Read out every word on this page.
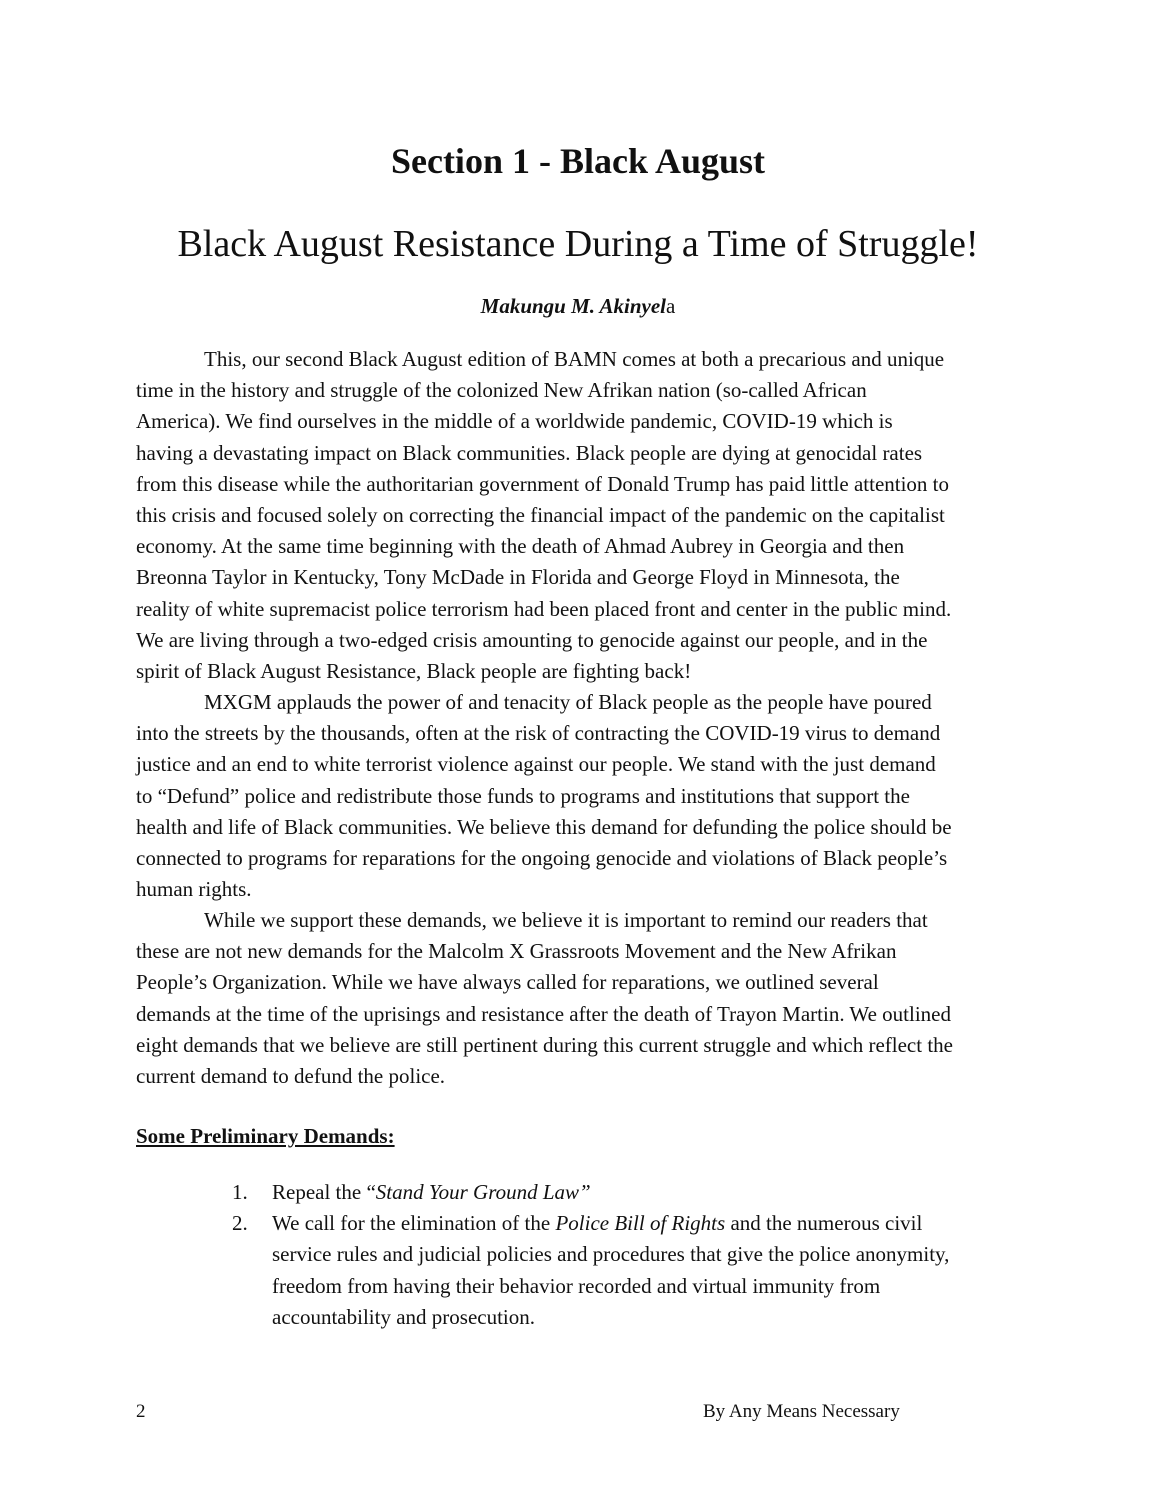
Section 1 - Black August
Black August Resistance During a Time of Struggle!
Makungu M. Akinyela
This, our second Black August edition of BAMN comes at both a precarious and unique
time in the history and struggle of the colonized New Afrikan nation (so-called African
America). We find ourselves in the middle of a worldwide pandemic, COVID-19 which is
having a devastating impact on Black communities. Black people are dying at genocidal rates
from this disease while the authoritarian government of Donald Trump has paid little attention to
this crisis and focused solely on correcting the financial impact of the pandemic on the capitalist
economy. At the same time beginning with the death of Ahmad Aubrey in Georgia and then
Breonna Taylor in Kentucky, Tony McDade in Florida and George Floyd in Minnesota, the
reality of white supremacist police terrorism had been placed front and center in the public mind.
We are living through a two-edged crisis amounting to genocide against our people, and in the
spirit of Black August Resistance, Black people are fighting back!
MXGM applauds the power of and tenacity of Black people as the people have poured
into the streets by the thousands, often at the risk of contracting the COVID-19 virus to demand
justice and an end to white terrorist violence against our people. We stand with the just demand
to “Defund” police and redistribute those funds to programs and institutions that support the
health and life of Black communities. We believe this demand for defunding the police should be
connected to programs for reparations for the ongoing genocide and violations of Black people’s
human rights.
While we support these demands, we believe it is important to remind our readers that
these are not new demands for the Malcolm X Grassroots Movement and the New Afrikan
People’s Organization. While we have always called for reparations, we outlined several
demands at the time of the uprisings and resistance after the death of Trayon Martin. We outlined
eight demands that we believe are still pertinent during this current struggle and which reflect the
current demand to defund the police.
Some Preliminary Demands:
1. Repeal the “Stand Your Ground Law”
2. We call for the elimination of the Police Bill of Rights and the numerous civil
service rules and judicial policies and procedures that give the police anonymity,
freedom from having their behavior recorded and virtual immunity from
accountability and prosecution.
2	By Any Means Necessary
